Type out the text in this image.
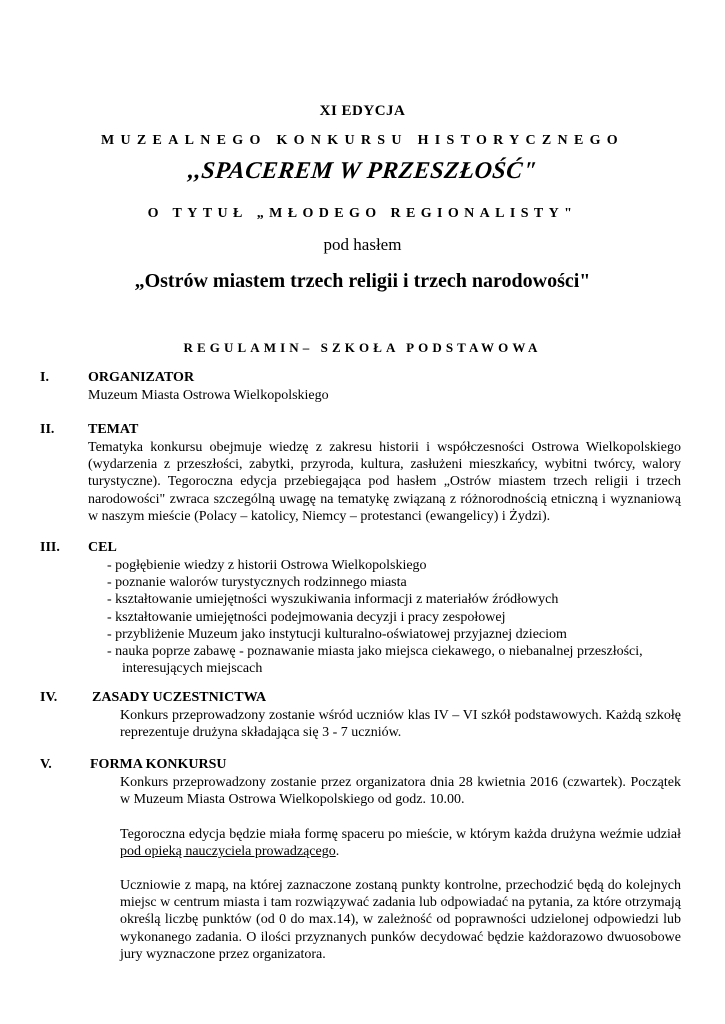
XI EDYCJA
MUZEALNEGO KONKURSU HISTORYCZNEGO
,,SPACEREM W PRZESZŁOŚĆ"
O TYTUŁ „MŁODEGO REGIONALISTY"
pod hasłem
„Ostrów miastem trzech religii i trzech narodowości"
REGULAMIN– SZKOŁA PODSTAWOWA
I.	ORGANIZATOR

Muzeum Miasta Ostrowa Wielkopolskiego

II. TEMAT

Tematyka konkursu obejmuje wiedzę z zakresu historii i współczesności Ostrowa Wielkopolskiego (wydarzenia z przeszłości, zabytki, przyroda, kultura, zasłużeni mieszkańcy, wybitni twórcy, walory turystyczne). Tegoroczna edycja przebiegająca pod hasłem „Ostrów miastem trzech religii i trzech narodowości" zwraca szczególną uwagę na tematykę związaną z różnorodnością etniczną i wyznaniową w naszym mieście (Polacy – katolicy, Niemcy – protestanci (ewangelicy) i Żydzi).

III. CEL
- pogłębienie wiedzy z historii Ostrowa Wielkopolskiego
- poznanie walorów turystycznych rodzinnego miasta
- kształtowanie umiejętności wyszukiwania informacji z materiałów źródłowych
- kształtowanie umiejętności podejmowania decyzji i pracy zespołowej
- przybliżenie Muzeum jako instytucji kulturalno-oświatowej przyjaznej dzieciom
- nauka poprze zabawę - poznawanie miasta jako miejsca ciekawego, o niebanalnej przeszłości,
interesujących miejscach
IV. ZASADY UCZESTNICTWA

Konkurs przeprowadzony zostanie wśród uczniów klas IV – VI szkół podstawowych. Każdą szkołę reprezentuje drużyna składająca się 3 - 7 uczniów.

V.	FORMA KONKURSU

Konkurs przeprowadzony zostanie przez organizatora dnia 28 kwietnia 2016 (czwartek). Początek w Muzeum Miasta Ostrowa Wielkopolskiego od godz. 10.00.

Tegoroczna edycja będzie miała formę spaceru po mieście, w którym każda drużyna weźmie udział pod opieką nauczyciela prowadzącego.

Uczniowie z mapą, na której zaznaczone zostaną punkty kontrolne, przechodzić będą do kolejnych miejsc w centrum miasta i tam rozwiązywać zadania lub odpowiadać na pytania, za które otrzymają określą liczbę punktów (od 0 do max.14), w zależność od poprawności udzielonej odpowiedzi lub wykonanego zadania. O ilości przyznanych punków decydować będzie każdorazowo dwuosobowe jury wyznaczone przez organizatora.
